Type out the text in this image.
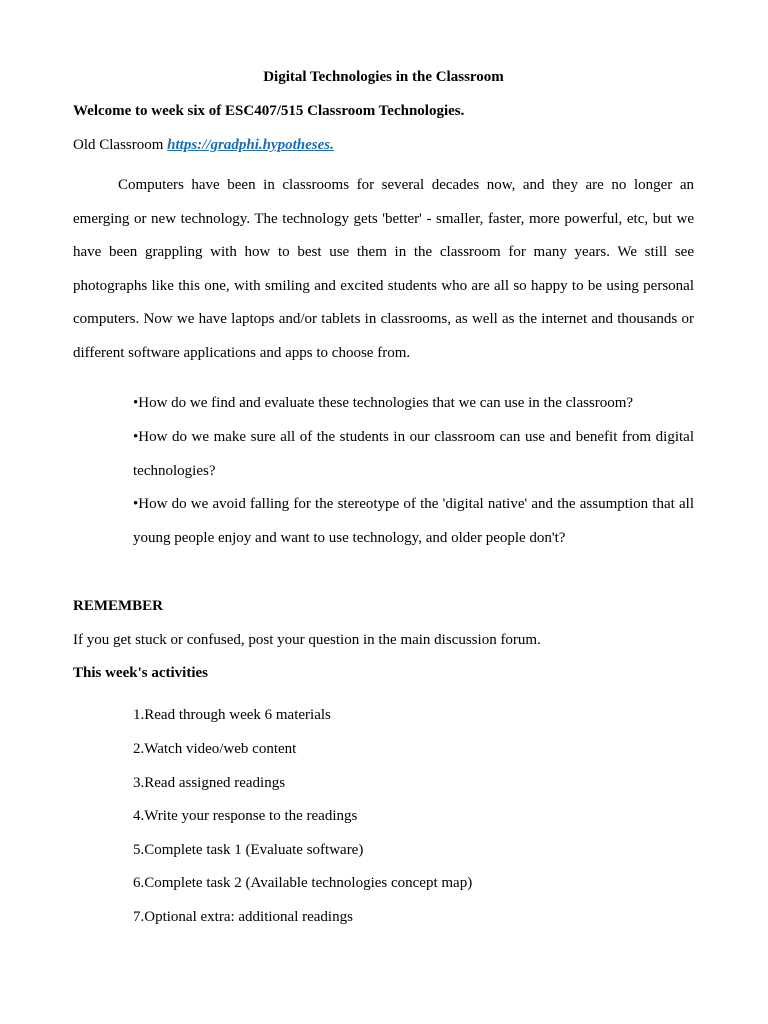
Digital Technologies in the Classroom
Welcome to week six of ESC407/515 Classroom Technologies.
Old Classroom https://gradphi.hypotheses.
Computers have been in classrooms for several decades now, and they are no longer an emerging or new technology. The technology gets 'better' - smaller, faster, more powerful, etc, but we have been grappling with how to best use them in the classroom for many years. We still see photographs like this one, with smiling and excited students who are all so happy to be using personal computers. Now we have laptops and/or tablets in classrooms, as well as the internet and thousands or different software applications and apps to choose from.
•How do we find and evaluate these technologies that we can use in the classroom?
•How do we make sure all of the students in our classroom can use and benefit from digital technologies?
•How do we avoid falling for the stereotype of the 'digital native' and the assumption that all young people enjoy and want to use technology, and older people don't?
REMEMBER
If you get stuck or confused, post your question in the main discussion forum.
This week's activities
1.Read through week 6 materials
2.Watch video/web content
3.Read assigned readings
4.Write your response to the readings
5.Complete task 1 (Evaluate software)
6.Complete task 2 (Available technologies concept map)
7.Optional extra: additional readings
